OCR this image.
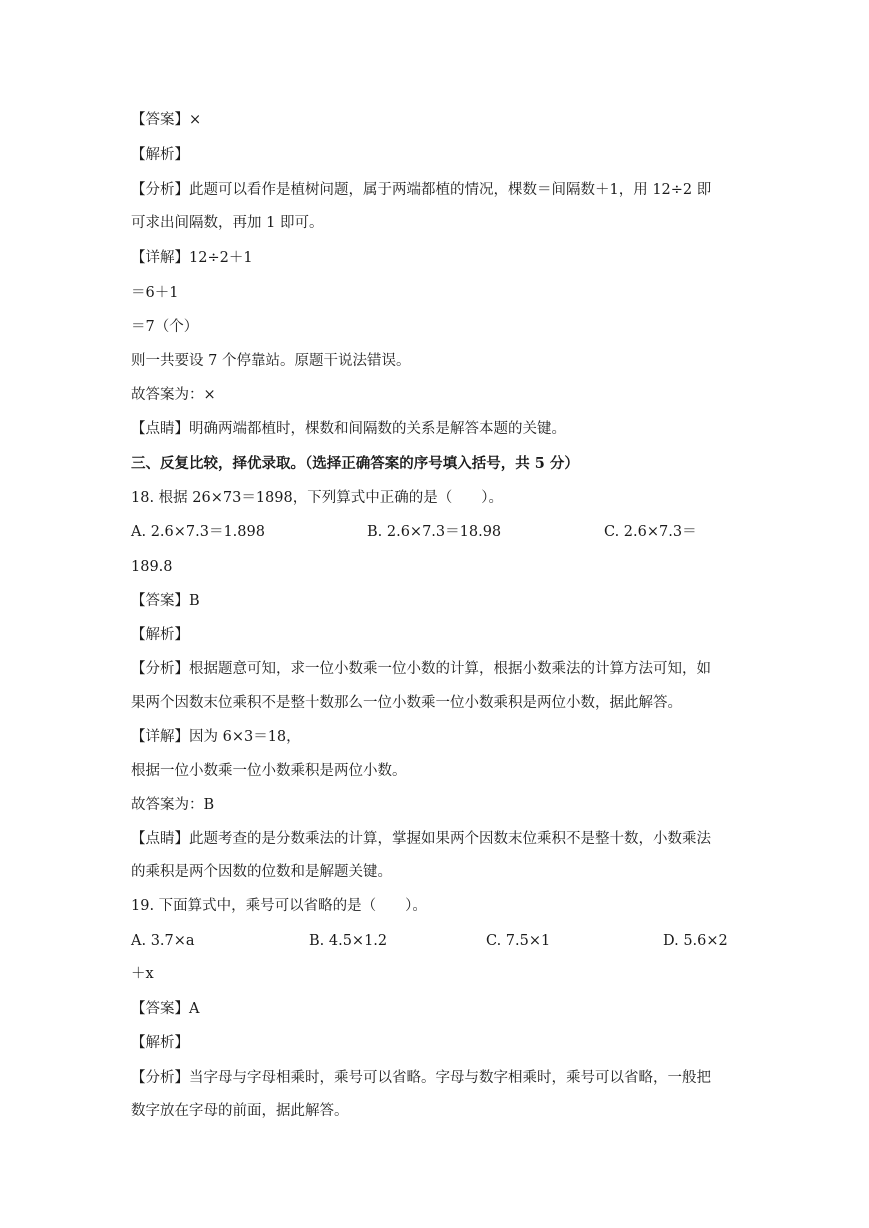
【答案】×
【解析】
【分析】此题可以看作是植树问题，属于两端都植的情况，棵数＝间隔数＋1，用 12÷2 即
可求出间隔数，再加 1 即可。
【详解】12÷2＋1
＝6＋1
＝7（个）
则一共要设 7 个停靠站。原题干说法错误。
故答案为：×
【点睛】明确两端都植时，棵数和间隔数的关系是解答本题的关键。
三、反复比较，择优录取。（选择正确答案的序号填入括号，共 5 分）
18. 根据 26×73＝1898，下列算式中正确的是（　　）。
A. 2.6×7.3＝1.898	B. 2.6×7.3＝18.98	C. 2.6×7.3＝
189.8
【答案】B
【解析】
【分析】根据题意可知，求一位小数乘一位小数的计算，根据小数乘法的计算方法可知，如
果两个因数末位乘积不是整十数那么一位小数乘一位小数乘积是两位小数，据此解答。
【详解】因为 6×3＝18，
根据一位小数乘一位小数乘积是两位小数。
故答案为：B
【点睛】此题考查的是分数乘法的计算，掌握如果两个因数末位乘积不是整十数，小数乘法
的乘积是两个因数的位数和是解题关键。
19. 下面算式中，乘号可以省略的是（　　）。
A. 3.7×a	B. 4.5×1.2	C. 7.5×1	D. 5.6×2
＋x
【答案】A
【解析】
【分析】当字母与字母相乘时，乘号可以省略。字母与数字相乘时，乘号可以省略，一般把
数字放在字母的前面，据此解答。
